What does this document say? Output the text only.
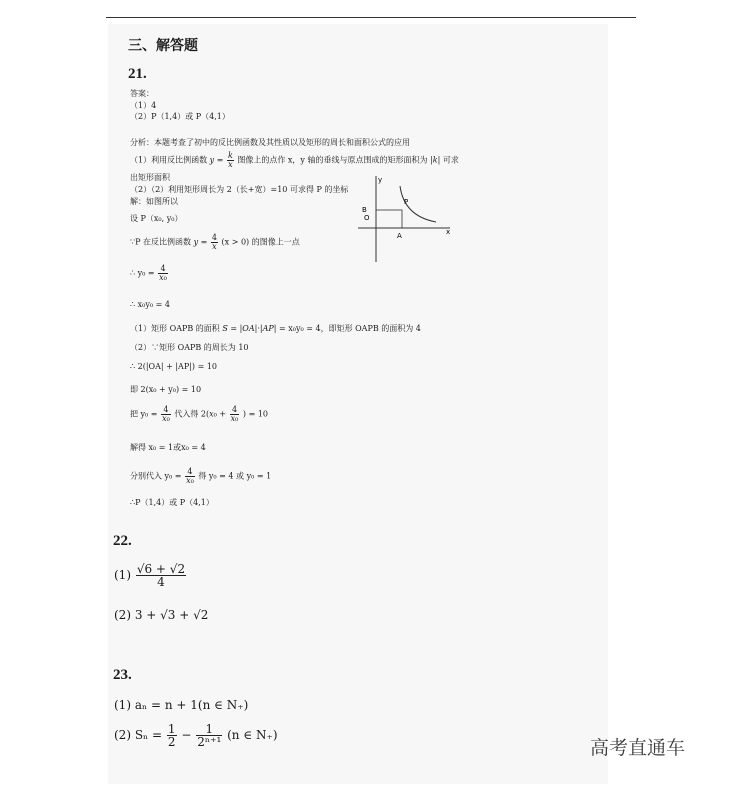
三、解答题
21.
答案：
（1）4
（2）P（1,4）或 P（4,1）
分析：本题考查了初中的反比例函数及其性质以及矩形的周长和面积公式的应用
（1）利用反比例函数 $y = \frac{k}{x}$ 图像上的点作 x，y 轴的垂线与原点围成的矩形面积为 |k| 可求
出矩形面积
（2）（2）利用矩形周长为 2（长+宽）=10 可求得 P 的坐标
解：如图所以
设 P（x₀, y₀）
∵P 在反比例函数 $y = \frac{4}{x} (x > 0)$ 的图像上一点
∴ $y_0 = \frac{4}{\text{x₀}}$
∴ x₀y₀ = 4
（1）矩形 OAPB 的面积 S = |OA|·|AP| = x₀y₀ = 4，即矩形 OAPB 的面积为 4
（2）∵矩形 OAPB 的周长为 10
∴ 2(|OA| + |AP|) = 10
即 2(x₀ + y₀) = 10
把 $y_0 = \frac{4}{\text{x₀}}$ 代入得 $2(x_0 + \frac{4}{\text{x₀}}$ ) = 10
解得 x₀ = 1或x₀ = 4
分别代入 $y_0 = \frac{4}{\text{x₀}}$ 得 y₀ = 4 或 y₀ = 1
∴P（1,4）或 P（4,1）
y
x
O
B
P
A
22.
$(1) \frac{√6 + √2}{4}$
(2) 3 + √3 + √2
23.
(1) aₙ = n + 1(n ∈ N₊)
(2) $S_n = \frac{1}{2} - \frac{1}{\text{2ⁿ⁺¹}} (n$ ∈ N₊)
高考直通车
